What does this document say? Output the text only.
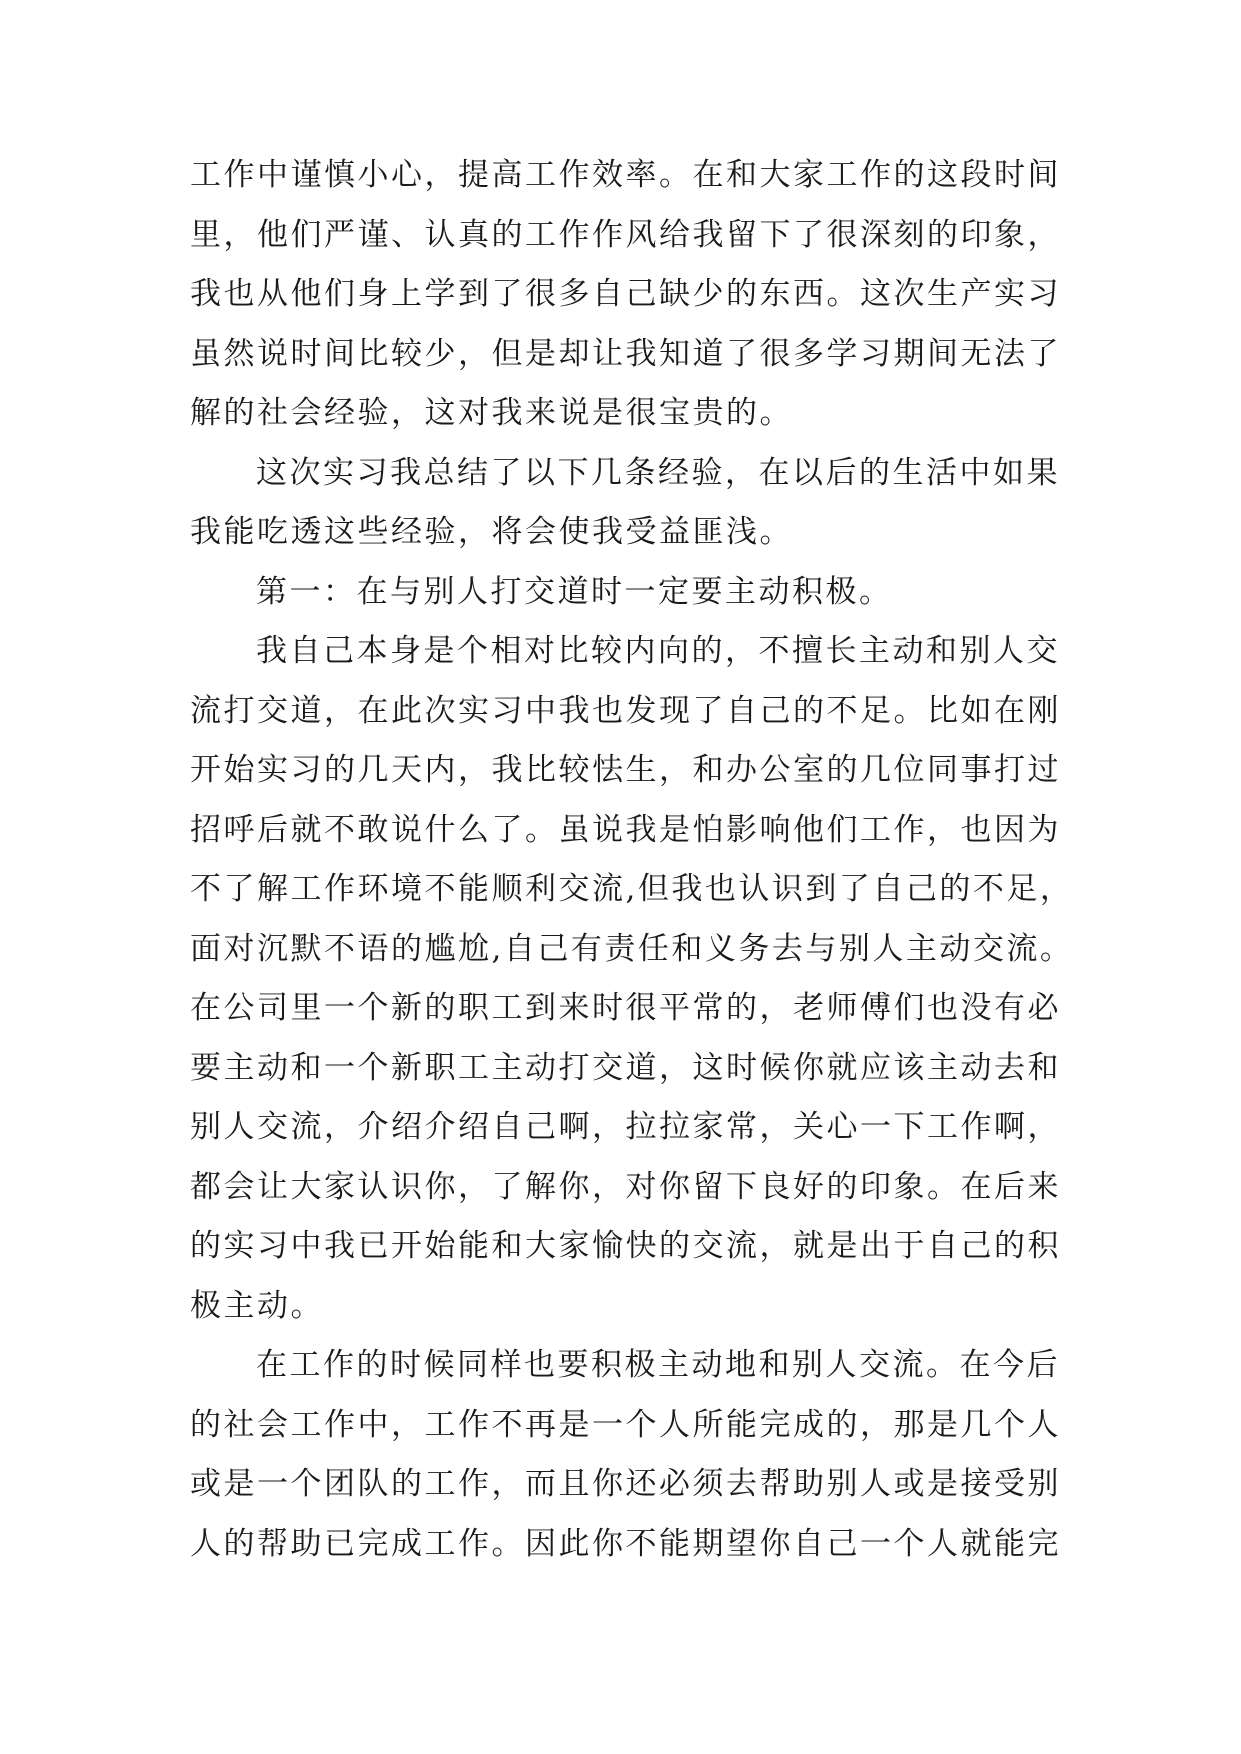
工作中谨慎小心，提高工作效率。在和大家工作的这段时间
里，他们严谨、认真的工作作风给我留下了很深刻的印象，
我也从他们身上学到了很多自己缺少的东西。这次生产实习
虽然说时间比较少，但是却让我知道了很多学习期间无法了
解的社会经验，这对我来说是很宝贵的。
这次实习我总结了以下几条经验，在以后的生活中如果
我能吃透这些经验，将会使我受益匪浅。
第一：在与别人打交道时一定要主动积极。
我自己本身是个相对比较内向的，不擅长主动和别人交
流打交道，在此次实习中我也发现了自己的不足。比如在刚
开始实习的几天内，我比较怯生，和办公室的几位同事打过
招呼后就不敢说什么了。虽说我是怕影响他们工作，也因为
不了解工作环境不能顺利交流,但我也认识到了自己的不足，
面对沉默不语的尴尬,自己有责任和义务去与别人主动交流。
在公司里一个新的职工到来时很平常的，老师傅们也没有必
要主动和一个新职工主动打交道，这时候你就应该主动去和
别人交流，介绍介绍自己啊，拉拉家常，关心一下工作啊，
都会让大家认识你，了解你，对你留下良好的印象。在后来
的实习中我已开始能和大家愉快的交流，就是出于自己的积
极主动。
在工作的时候同样也要积极主动地和别人交流。在今后
的社会工作中，工作不再是一个人所能完成的，那是几个人
或是一个团队的工作，而且你还必须去帮助别人或是接受别
人的帮助已完成工作。因此你不能期望你自己一个人就能完
